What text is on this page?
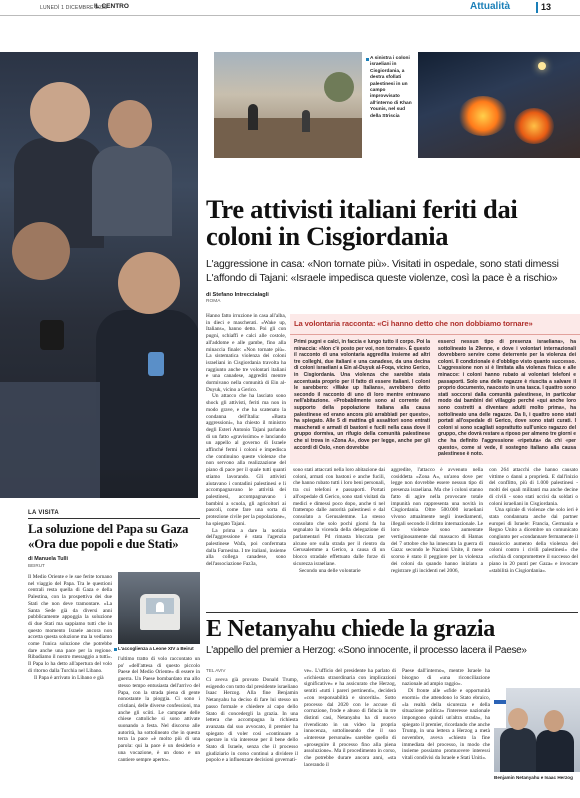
LUNEDÌ 1 DICEMBRE 2025
IL CENTRO	Attualità	13
A sinistra i coloni israeliani in Cisgiordania, a destra sfollati palestinesi in un campo improvvisato all'interno di Khan Younis, nel sud della Striscia
Tre attivisti italiani feriti dai coloni in Cisgiordania
L'aggressione in casa: «Non tornate più». Visitati in ospedale, sono stati dimessi L'affondo di Tajani: «Israele impedisca queste violenze, così la pace è a rischio»
di Stefano Intreccialagli
ROMA

Hanno fatto irruzione in casa all'alba, in dieci e mascherati. «Wake up, Italians», hanno detto. Poi gli con pugni, schiaffi e calci alle costole, all'addome e alle gambe, fino alla minaccia finale: «Non tornate più». La sistematica violenza dei coloni israeliani in Cisgiordania travolta ha raggiunto anche tre volontari italiani e una canadese, aggrediti mentre dormivano nella comunità di Ein al-Duyuk, vicino a Gerico.

Un attacco che ha lasciato sono shock gli attivisti, feriti ma non in modo grave, e che ha scatenato la condanna dell'Italia: «Basta aggressioni», ha chiesto il ministro degli Esteri Antonio Tajani parlando di un fatto «gravissimo» e lanciando un appello al governo di Israele affinché fermi i coloni e impedisca che continuino queste violenze che non servono alla realizzazione del piano di pace per il quale tutti quanti stiamo lavorando. Gli attivisti aiutavano i contadini palestinesi e li accompagnavano le attività dei palestinesi, accompagnavano i bambini a scuola, gli agricoltori ai pascoli, come fare una sorta di protezione civile per la popolazione», ha spiegato Tajani.

La prima a dare la notizia dell'aggressione è stata l'agenzia palestinese Wafa, poi confermata dalla Farnesina. I tre italiani, insieme alla collega canadese, sono dell'associazione Faz3a,

sono stati attaccati nella loro abitazione dai coloni, armati con bastoni e anche fucili, che hanno rubato tutti i loro beni personali, tra cui telefoni e passaporti. Portati all'ospedale di Gerico, sono stati visitati da medici e dimessi poco dopo, anche ti nel frattempo dalle autorità palestinesi e dal consolato a Gerusalemme. Lo stesso consolato che solo pochi giorni fa ha segnalato la vicenda della delegazione di parlamentari Pd rimasta bloccata per alcune ore sulla strada per il rientro da Gerusalemme a Gerico, a causa di un blocco stradale effettuato dalle forze di sicurezza israeliane.

Secondo una delle volontarie

aggredite, l'attacco è avvenuto nella cosiddetta «Zona A», un'area dove per legge non dovrebbe essere nessun tipo di presenza israeliana. Ma che i coloni stanno fatto di agire nella provocare totale impunità non rappresenta una novità in Cisgiordania. Oltre 500.000 israeliani vivono attualmente negli insediamenti, illegali secondo il diritto internazionale. Le loro violenze sono aumentate vertiginosamente dal massacro di Hamas del 7 ottobre che ha innescato la guerra di Gaza: secondo le Nazioni Unite, il mese scorso è stato il peggiore per la violenza dei coloni da quando hanno iniziato a registrare gli incidenti nel 2006,

con 264 attacchi che hanno causato vittime o danni a proprietà. E dall'inizio del conflitto, più di 1.000 palestinesi - molti dei quali militanti ma anche decine di civili - sono stati uccisi da soldati o coloni israeliani in Cisgiordania.

Una spirale di violenze che solo ieri è stata condannata anche dai partner europei di Israele: Francia, Germania e Regno Unito a dicembre un comunicato congiunto per «condannare fermamente il massiccio aumento della violenza dei coloni contro i civili palestinesi» che «rischia di compromettere il successo del piano in 20 punti per Gaza» e invocare «stabilità in Cisgiordania».

La volontaria racconta: «Ci hanno detto che non dobbiamo tornare»
Primi pugni e calci, in faccia e lungo tutto il corpo. Poi la minaccia: «Non c'è posto per voi, non tornate». È questo il racconto di una volontaria aggredita insieme ad altri tre colleghi, due italiani e una canadese, da una decina di coloni israeliani a Ein al-Duyuk al-Foqa, vicino Gerico, in Cisgiordania. Una violenza che sarebbe stata accentuata proprio per il fatto di essere italiani. I coloni le sarebbero: «Wake up Italians», avrebbero detto secondo il racconto di uno di loro mentre entravano nell'abitazione. «Probabilmente sono al corrente del supporto della popolazione italiana alla causa palestinese ed erano ancora più arrabbiati per questo», ha spiegato. Alle 5 di mattina gli assalitori sono entrati mascherati e armati di bastoni e fucili nella casa dove il gruppo dormiva, un rifugio della comunità palestinese che si trova in «Zona A», dove per legge, anche per gli accordi di Oslo, «non dovrebbe
esserci nessun tipo di presenza israeliana», ha sottolineato la 29enne, e dove i volontari internazionali dovrebbero servire come deterrente per la violenza dei coloni. Il condizionale è d'obbligo visto quanto successo. L'aggressione non si è limitata alla violenza fisica e alle minacce: i coloni hanno rubato ai volontari telefoni e passaporti. Solo una delle ragazze è riuscita a salvare il proprio documento, nascosto in una tasca. I quattro sono stati soccorsi dalla comunità palestinese, in particolar modo dai bambini del villaggio perché «qui anche loro sono costretti a diventare adulti molto prima», ha sottolineato una delle ragazze. Da lì, i quattro sono stati portati all'ospedale di Gerico, dove sono stati curati. I coloni si sono scagliati soprattutto sull'unico ragazzo del gruppo, che dovrà restare a riposo per almeno tre giorni e che ha definito l'aggressione «ripetuta» da chi «per questo», come si vede, il sostegno italiano alla causa palestinese è noto.
LA VISITA
La soluzione del Papa su Gaza «Ora due popoli e due Stati»
di Manuela Tulli
BEIRUT

Il Medio Oriente e le sue ferite tornano nel viaggio del Papa. Tra le questioni centrali resta quella di Gaza e della Palestina, con la prospettiva dei due Stati che non deve tramontare. «La Santa Sede già da diversi anni pubblicamente appoggia la soluzione di due Stati ma sappiamo tutti che in questo momento Israele ancora non accetta questa soluzione ma la vediamo come l'unica soluzione che potrebbe dare anche una pace per la regione. Ribadiamo il nostro messaggio a tutti». Il Papa lo ha detto all'apertura del volo di ritorno dalla Turchia nel Libano.

Il Papa è arrivato in Libano e già

L'accoglienza a Leone XIV a Beirut

l'ultimo tratto di volo raccontato un po' «dell'attesa di questo piccolo Paese del Medio Oriente» di essere in guerra. Un Paese bombardato ma allo stesso tempo entusiasta dell'arrivo del Papa, con la strada piena di gente nonostante la pioggia. Ci sono i cristiani, delle diverse confessioni, ma anche gli sciiti. Le campane delle chiese cattoliche si sono attivate suonando a festa. Nel discorso alle autorità, ha sottolineato che in questa terra la pace «è molto più di una parola: qui la pace è un desiderio e una vocazione, è un dono e un cantiere sempre aperto».

E Netanyahu chiede la grazia
L'appello del premier a Herzog: «Sono innocente, il processo lacera il Paese»
TEL AVIV

Ci aveva già provato Donald Trump, esigendo con tutto dal presidente israeliano Isaac Herzog. Alla fine Benjamin Netanyahu ha deciso di fare lui stesso un passo formale e chiedere al capo dello Stato di concedergli la grazia. In una lettera che accompagna la richiesta avanzata dal suo avvocato, il premier ha spiegato di voler così «continuare a operare in via interesse per il bene dello Stato di Israele, senza che il processo giudiziario in corso continui a dividere il popolo e a influenzare decisioni governati-

ve». L'ufficio del presidente ha parlato di «richiesta straordinaria con implicazioni significative» e ha assicurato che Herzog, sentiti «tutti i pareri pertinenti», deciderà «con responsabilità e sincerità». Sotto processo dal 2020 con le accuse di corruzione, frode e abuso di fiducia in tre distinti casi, Netanyahu ha di nuovo rivendicato in un video la propria innocenza, sottolineando che il suo «interesse personale» sarebbe quello di «proseguire il processo fino alla piena assoluzione». Ma il procedimento in corso, che potrebbe durare ancora anni, «sta lacerando il

Paese dall'interno», mentre Israele ha bisogno di «una riconciliazione nazionale ad ampio raggio».

Di fronte alle «sfide e opportunità enormi» che attendono lo Stato ebraico, «la realtà della sicurezza e della situazione politica» l'interesse nazionale impongono quindi un'altra strada», ha spiegato il premier, ricordando che anche Trump, in una lettera a Herzog a metà novembre, aveva «chiesto la fine immediata del processo, in modo che insieme possiamo promuovere interessi vitali condivisi da Israele e Stati Uniti».

Benjamin Netanyahu e Isaac Herzog
